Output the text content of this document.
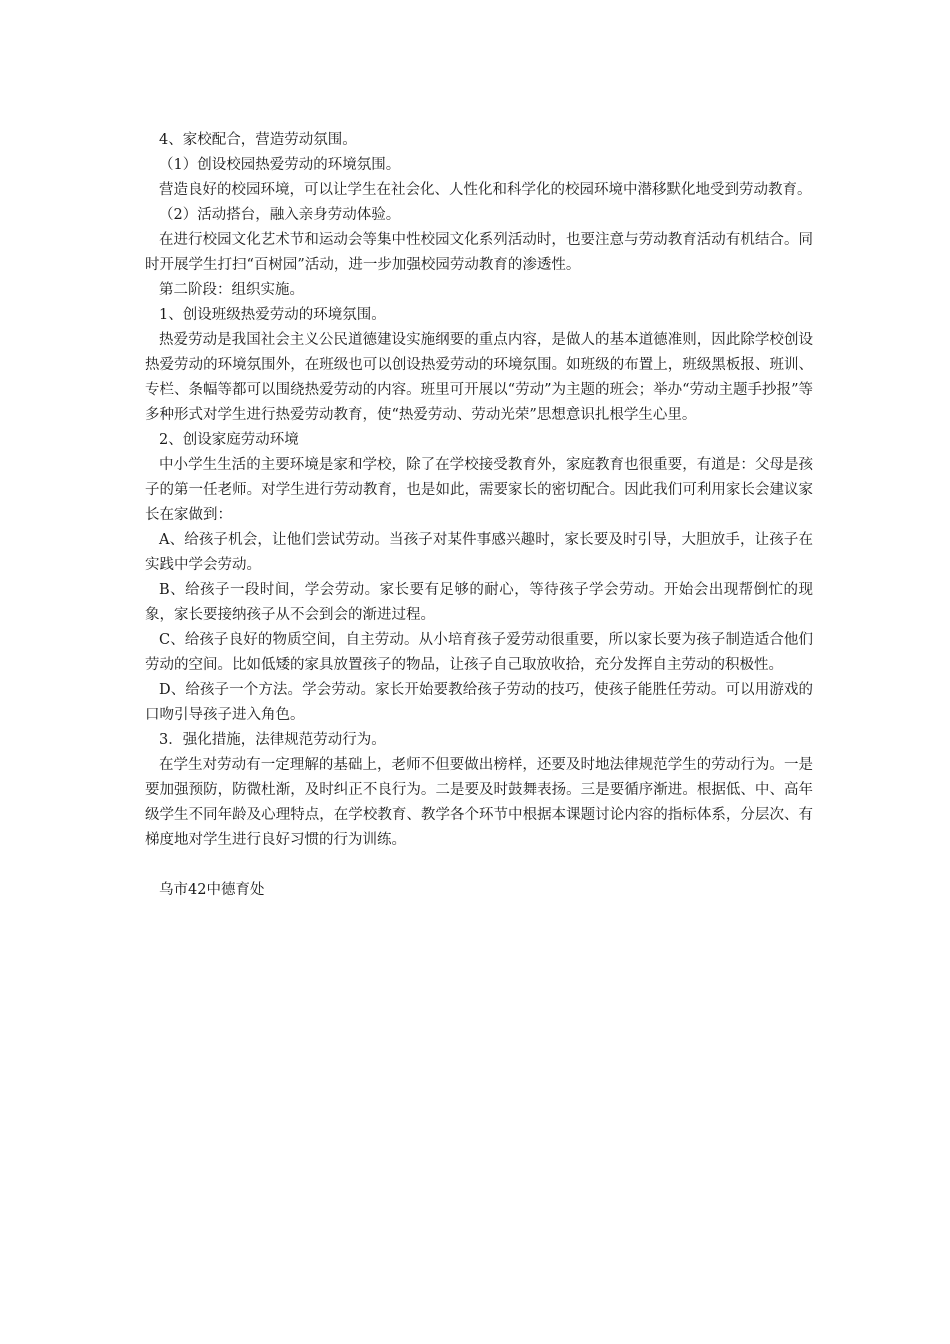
4、家校配合，营造劳动氛围。

（1）创设校园热爱劳动的环境氛围。

营造良好的校园环境，可以让学生在社会化、人性化和科学化的校园环境中潜移默化地受到劳动教育。

（2）活动搭台，融入亲身劳动体验。

在进行校园文化艺术节和运动会等集中性校园文化系列活动时，也要注意与劳动教育活动有机结合。同时开展学生打扫“百树园”活动，进一步加强校园劳动教育的渗透性。

第二阶段：组织实施。

1、创设班级热爱劳动的环境氛围。

热爱劳动是我国社会主义公民道德建设实施纲要的重点内容，是做人的基本道德准则，因此除学校创设热爱劳动的环境氛围外，在班级也可以创设热爱劳动的环境氛围。如班级的布置上，班级黑板报、班训、专栏、条幅等都可以围绕热爱劳动的内容。班里可开展以“劳动”为主题的班会；举办“劳动主题手抄报”等多种形式对学生进行热爱劳动教育，使“热爱劳动、劳动光荣”思想意识扎根学生心里。

2、创设家庭劳动环境

中小学生生活的主要环境是家和学校，除了在学校接受教育外，家庭教育也很重要，有道是：父母是孩子的第一任老师。对学生进行劳动教育，也是如此，需要家长的密切配合。因此我们可利用家长会建议家长在家做到：

A、给孩子机会，让他们尝试劳动。当孩子对某件事感兴趣时，家长要及时引导，大胆放手，让孩子在实践中学会劳动。

B、给孩子一段时间，学会劳动。家长要有足够的耐心，等待孩子学会劳动。开始会出现帮倒忙的现象，家长要接纳孩子从不会到会的渐进过程。

C、给孩子良好的物质空间，自主劳动。从小培育孩子爱劳动很重要，所以家长要为孩子制造适合他们劳动的空间。比如低矮的家具放置孩子的物品，让孩子自己取放收拾，充分发挥自主劳动的积极性。

D、给孩子一个方法。学会劳动。家长开始要教给孩子劳动的技巧，使孩子能胜任劳动。可以用游戏的口吻引导孩子进入角色。

3．强化措施，法律规范劳动行为。

在学生对劳动有一定理解的基础上，老师不但要做出榜样，还要及时地法律规范学生的劳动行为。一是要加强预防，防微杜渐，及时纠正不良行为。二是要及时鼓舞表扬。三是要循序渐进。根据低、中、高年级学生不同年龄及心理特点，在学校教育、教学各个环节中根据本课题讨论内容的指标体系，分层次、有梯度地对学生进行良好习惯的行为训练。

乌市42中德育处
